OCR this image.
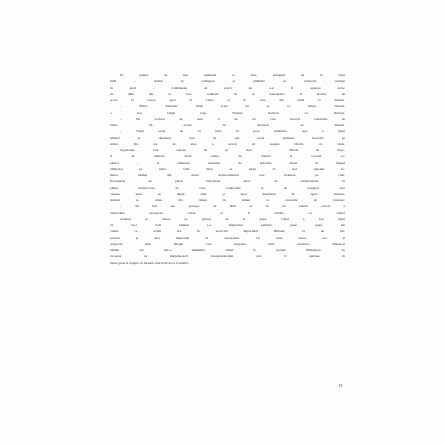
Pe puntea de sus, luminată ca ziua, pasagerii de la clasa
întâi – domni în redingote și plimbări cu trabucuri scumpe
în gură – bombăneau de parcă nu s-ar fi așteptat deloc
să dăm din zi vreo calătorie de la Alexandria la Rodos, de
acolo la Leros, apoi la Chios și în cele din urmă la Smirna.
– Bună, domnule. Vasul acela nu se va mișca. Navele,
a stat lângă larg. Trebuie încărcat cu cărbune.
– Nu vorbesc de asta, ci de cel care încarcă baloturile de
tutun. Să ascult de douăzeci de minute.
– Vasul acela nu va intra în port, domnilor. Apa e puțin
adâncă și căpitanul care nu știa locul ajunsese încordat pe
stânci. Nu are de ales, e nevoit să aștepte bărcile cu vâsle.
Zgomotele care veneau de pe chei – cîinele de dogo-
ți de tramvai, darul roților de trăsură și ropotul co-
pitelor – le aminteau domnilor de plăcerile uitate în timpul
călătoriei pe mare. Unii chiar se jurau că aud sunetele fe-
melor râzând din dosul debarcaderului care înaintau pe chei.
Înconjurați de puteri bicicletele pilot, de ambarcațiuni cu
pânze multicolore, de vase comerciale și de pasageri care
veneau unul pe lângă altul și apoi dispăreau în apele albastre,
domnii se uitau din minut în minut la ceasurile de buzunar.
– Să fim așa aproape de țărm și să nu putem coborî e
intolerabil, pricepem. Unde or fi bărcile cu vâsle?
Avântul se ducea pe puntea de la pupa. Când a fost sigur
că nu-l vede nimeni s-a împreunat palmele peste piept. De
vreme ce acum era în serviciul Imperiului Britanic, ca un im-
portant și deci împreună cu europeanii. Cu toate astea, era și
respectul unui călugăr care așteptase mila cerească, trăindu-și
ultimii ani într-o mânăstire aflată la poalele Himalayei. Se
cuvenea să mulțumească Atotputernicului care îl apărase în
zilele grele și nopțile cu furtună, mai întâi de la Colombo
15
